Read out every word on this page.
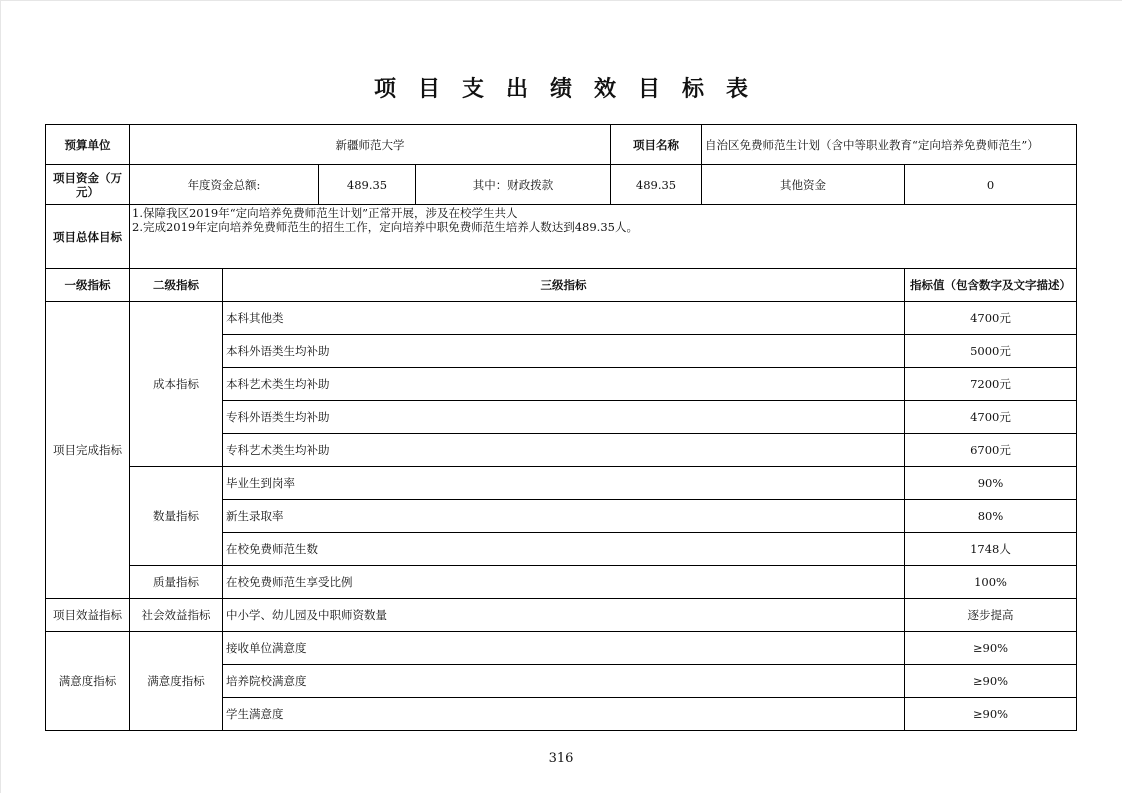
项目支出绩效目标表
预算单位	新疆师范大学				项目名称	自治区免费师范生计划（含中等职业教育“定向培养免费师范生”）	
项目资金（万元）	年度资金总额:		489.35	其中：财政拨款	489.35	其他资金	0
项目总体目标	1.保障我区2019年“定向培养免费师范生计划”正常开展，涉及在校学生共人
2.完成2019年定向培养免费师范生的招生工作，定向培养中职免费师范生培养人数达到489.35人。						

一级指标	二级指标	三级指标					指标值（包含数字及文字描述）
项目完成指标	成本指标	本科其他类					4700元
		本科外语类生均补助					5000元
		本科艺术类生均补助					7200元
		专科外语类生均补助					4700元
		专科艺术类生均补助					6700元
	数量指标	毕业生到岗率					90%
		新生录取率					80%
		在校免费师范生数					1748人
	质量指标	在校免费师范生享受比例					100%
项目效益指标	社会效益指标	中小学、幼儿园及中职师资数量					逐步提高
满意度指标	满意度指标	接收单位满意度					≥90%
		培养院校满意度					≥90%
		学生满意度					≥90%
316
